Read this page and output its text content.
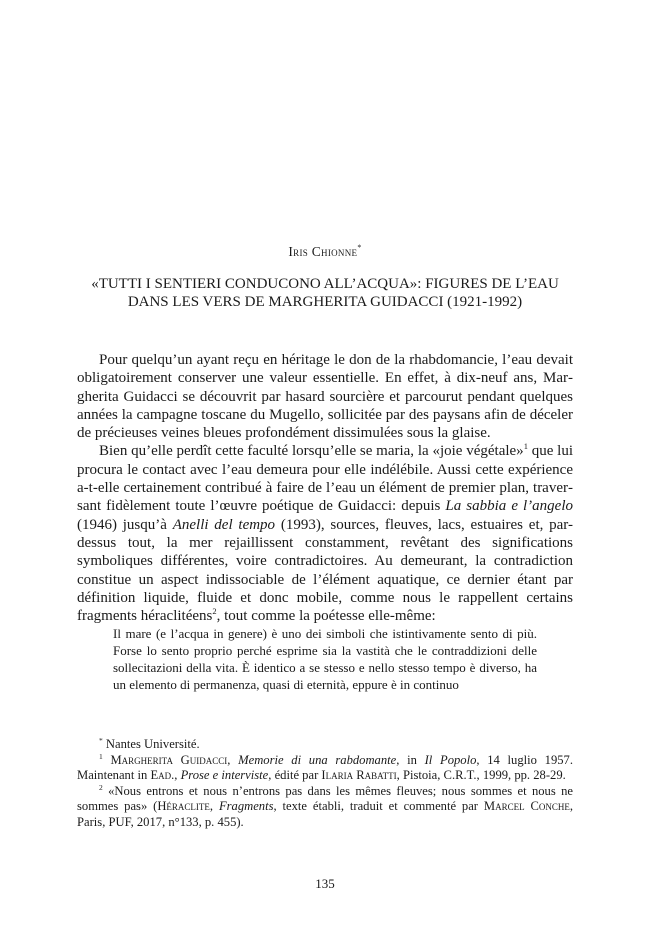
Iris Chionne*
«TUTTI I SENTIERI CONDUCONO ALL’ACQUA»: FIGURES DE L’EAU
DANS LES VERS DE MARGHERITA GUIDACCI (1921-1992)

Pour quelqu’un ayant reçu en héritage le don de la rhabdomancie, l’eau devait obligatoirement conserver une valeur essentielle. En effet, à dix-neuf ans, Margherita Guidacci se découvrit par hasard sourcière et parcourut pendant quelques années la campagne toscane du Mugello, sollicitée par des paysans afin de déceler de précieuses veines bleues profondément dissimulées sous la glaise.

Bien qu’elle perdît cette faculté lorsqu’elle se maria, la «joie végétale»$^1$ que lui procura le contact avec l’eau demeura pour elle indélébile. Aussi cette expérience a-t-elle certainement contribué à faire de l’eau un élément de premier plan, traversant fidèlement toute l’œuvre poétique de Guidacci: depuis La sabbia e l’angelo (1946) jusqu’à Anelli del tempo (1993), sources, fleuves, lacs, estuaires et, par-dessus tout, la mer rejaillissent constamment, revêtant des significations symboliques différentes, voire contradictoires. Au demeurant, la contradiction constitue un aspect indissociable de l’élément aquatique, ce dernier étant par définition liquide, fluide et donc mobile, comme nous le rappellent certains fragments héraclitéens$^2$, tout comme la poétesse elle-même:

Il mare (e l’acqua in genere) è uno dei simboli che istintivamente sento di più. Forse lo sento proprio perché esprime sia la vastità che le contraddizioni delle sollecitazioni della vita. È identico a se stesso e nello stesso tempo è diverso, ha un elemento di permanenza, quasi di eternità, eppure è in continuo

* Nantes Université.

$^1$ Margherita Guidacci, Memorie di una rabdomante, in Il Popolo, 14 luglio 1957. Maintenant in Ead., Prose e interviste, édité par Ilaria Rabatti, Pistoia, C.R.T., 1999, pp. 28-29.

$^2$ «Nous entrons et nous n’entrons pas dans les mêmes fleuves; nous sommes et nous ne sommes pas» (Héraclite, Fragments, texte établi, traduit et commenté par Marcel Conche, Paris, PUF, 2017, n°133, p. 455).

135
